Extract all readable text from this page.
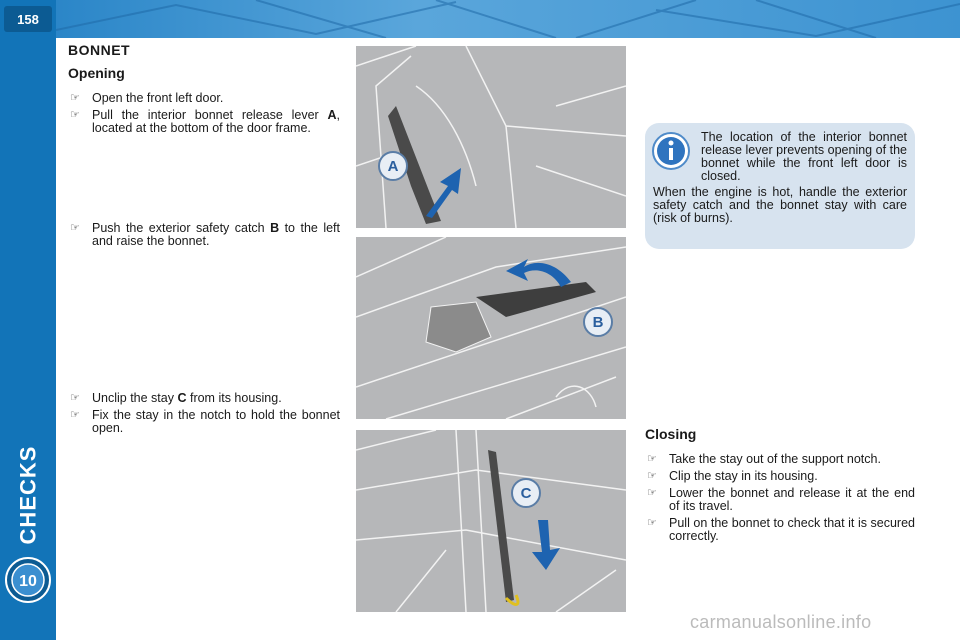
158
CHECKS
10
BONNET
Opening
☞ Open the front left door.
☞ Pull the interior bonnet release lever A, located at the bottom of the door frame.
☞ Push the exterior safety catch B to the left and raise the bonnet.
☞ Unclip the stay C from its housing.
☞ Fix the stay in the notch to hold the bonnet open.
A
B
C
The location of the interior bonnet release lever prevents opening of the bonnet while the front left door is closed.
When the engine is hot, handle the exterior safety catch and the bonnet stay with care (risk of burns).
Closing
☞ Take the stay out of the support notch.
☞ Clip the stay in its housing.
☞ Lower the bonnet and release it at the end of its travel.
☞ Pull on the bonnet to check that it is secured correctly.
carmanualsonline.info
